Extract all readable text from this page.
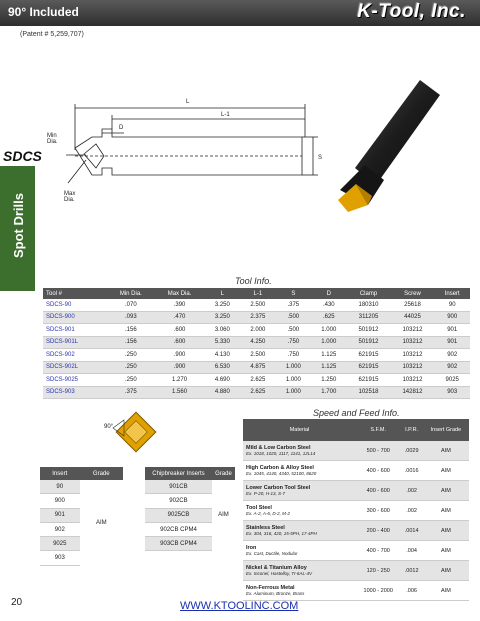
90° Included	K-Tool, Inc.
(Patent # 5,259,707)
SDCS
Spot Drills
L
L-1
D
Min
Dia.
Max
Dia.
S
Tool Info.
Tool #	Min Dia.	Max Dia.	L	L-1	S	D	Clamp	Screw	Insert
SDCS-90	.070	.390	3.250	2.500	.375	.430	180310	25618	90
SDCS-900	.093	.470	3.250	2.375	.500	.625	311205	44025	900
SDCS-901	.156	.600	3.060	2.000	.500	1.000	501912	103212	901
SDCS-901L	.156	.600	5.330	4.250	.750	1.000	501912	103212	901
SDCS-902	.250	.900	4.130	2.500	.750	1.125	621915	103212	902
SDCS-902L	.250	.900	6.530	4.875	1.000	1.125	621915	103212	902
SDCS-9025	.250	1.270	4.690	2.625	1.000	1.250	621915	103212	9025
SDCS-903	.375	1.560	4.880	2.625	1.000	1.700	102518	142812	903
90°
Speed and Feed Info.
Material	S.F.M.	I.P.R.	Insert Grade

Mild & Low Carbon Steel
Ex. 1018, 1020, 1117, 1141, 12L14	500 - 700	.0029	AIM

High Carbon & Alloy Steel
Ex. 1045, 4140, 4340, 52100, 8620	400 - 600	.0016	AIM

Lower Carbon Tool Steel
Ex. P-20, H-13, S-7	400 - 600	.002	AIM

Tool Steel
Ex. A-2, A-6, D-2, M-2	300 - 600	.002	AIM

Stainless Steel
Ex. 304, 316, 420, 15-5PH, 17-4PH	200 - 400	.0014	AIM

Iron
Ex. Cast, Ductile, Nodular	400 - 700	.004	AIM

Nickel & Titanium Alloy
Ex. Inconel, Hastelloy, TI-6AL-4V	120 - 250	.0012	AIM

Non-Ferrous Metal
Ex. Aluminum, Bronze, Brass	1000 - 2000	.006	AIM
Insert	Grade
90	AIM
900	
901	
902	
9025	
903	
Chipbreaker Inserts	Grade
901CB	AIM
902CB	
9025CB	
902CB CPM4	
903CB CPM4	
20	WWW.KTOOLINC.COM
